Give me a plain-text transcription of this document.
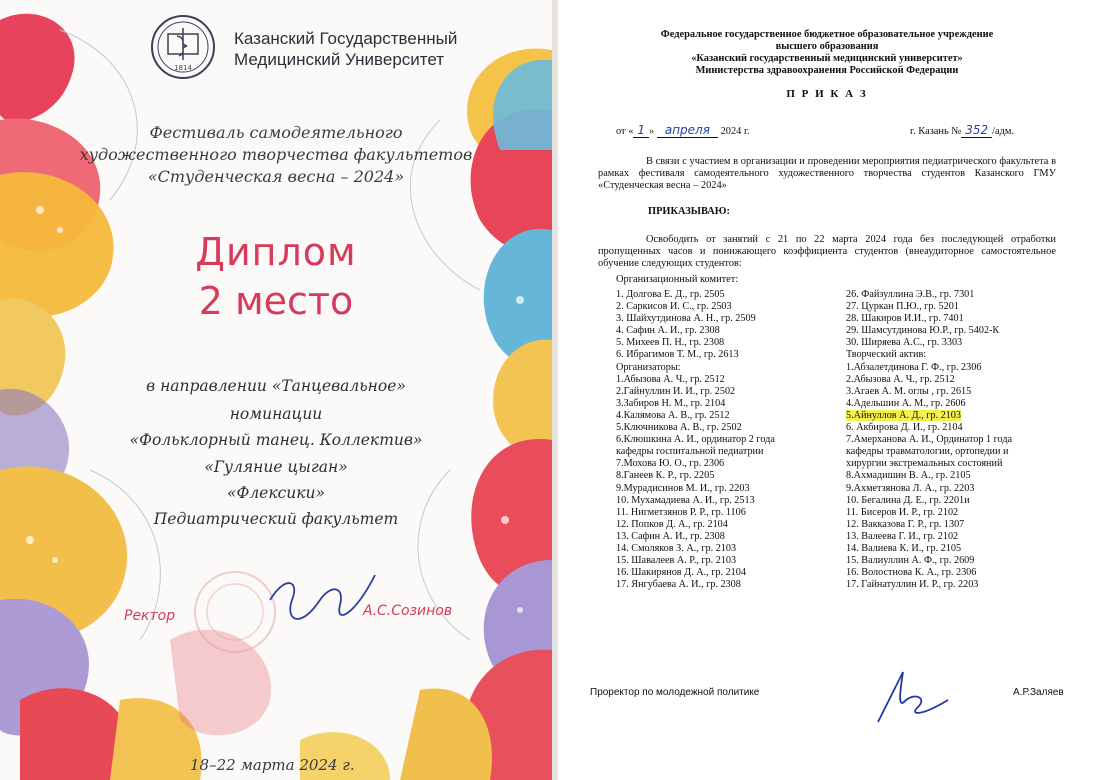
1814
Казанский Государственный
Медицинский Университет
Фестиваль самодеятельного
художественного творчества факультетов
«Студенческая весна – 2024»
Диплом
2 место
в направлении «Танцевальное»
номинации
«Фольклорный танец. Коллектив»
«Гуляние цыган»
«Флексики»
Педиатрический факультет
Ректор	А.С.Созинов
18–22 марта 2024 г.
Федеральное государственное бюджетное образовательное учреждение
высшего образования
«Казанский государственный медицинский университет»
Министерства здравоохранения Российской Федерации
П Р И К А З
от « 1 » апреля 2024 г.	г. Казань № 352 /адм.
В связи с участием в организации и проведении мероприятия педиатрического факультета в рамках фестиваля самодеятельного художественного творчества студентов Казанского ГМУ «Студенческая весна – 2024»
ПРИКАЗЫВАЮ:
Освободить от занятий с 21 по 22 марта 2024 года без последующей отработки пропущенных часов и понижающего коэффициента студентов (внеаудиторное самостоятельное обучение следующих студентов:
Организационный комитет:
1. Долгова Е. Д., гр. 2505
2. Саркисов И. С., гр. 2503
3. Шайхутдинова А. Н., гр. 2509
4. Сафин А. И., гр. 2308
5. Михеев П. Н., гр. 2308
6. Ибрагимов Т. М., гр. 2613
Организаторы:
1.Абызова А. Ч., гр. 2512
2.Гайнуллин И. И., гр. 2502
3.Забиров Н. М., гр. 2104
4.Калямова А. В., гр. 2512
5.Ключникова А. В., гр. 2502
6.Клюшкина А. И., ординатор 2 года
кафедры госпитальной педиатрии
7.Мохова Ю. О., гр. 2306
8.Ганеев К. Р., гр. 2205
9.Мурадисинов М. И., гр. 2203
10. Мухамадиева А. И., гр. 2513
11. Нигметзянов Р. Р., гр. 1106
12. Попков Д. А., гр. 2104
13. Сафин А. И., гр. 2308
14. Смоляков З. А., гр. 2103
15. Шавалеев А. Р., гр. 2103
16. Шакирянов Д. А., гр. 2104
17. Янгубаева А. И., гр. 2308
26. Файзуллина Э.В., гр. 7301
27. Цуркан П.Ю., гр. 5201
28. Шакиров И.И., гр. 7401
29. Шамсутдинова Ю.Р., гр. 5402-К
30. Ширяева А.С., гр. 3303
Творческий актив:
1.Абзалетдинова Г. Ф., гр. 2306
2.Абызова А. Ч., гр. 2512
3.Агаев А. М. оглы , гр. 2615
4.Адельшин А. М., гр. 2606
5.Айнуллов А. Д., гр. 2103
6. Акбирова Д. И., гр. 2104
7.Амерханова А. И., Ординатор 1 года
кафедры травматологии, ортопедии и
хирургии экстремальных состояний
8.Ахмадишин В. А., гр. 2105
9.Ахметзянова Л. А., гр. 2203
10. Бегалина Д. Е., гр. 2201и
11. Бисеров И. Р., гр. 2102
12. Вакказова Г. Р., гр. 1307
13. Валеева Г. И., гр. 2102
14. Валиева К. И., гр. 2105
15. Валиуллин А. Ф., гр. 2609
16. Волостнова К. А., гр. 2306
17. Гайнатуллин И. Р., гр. 2203
Проректор по молодежной политике	А.Р.Заляев
